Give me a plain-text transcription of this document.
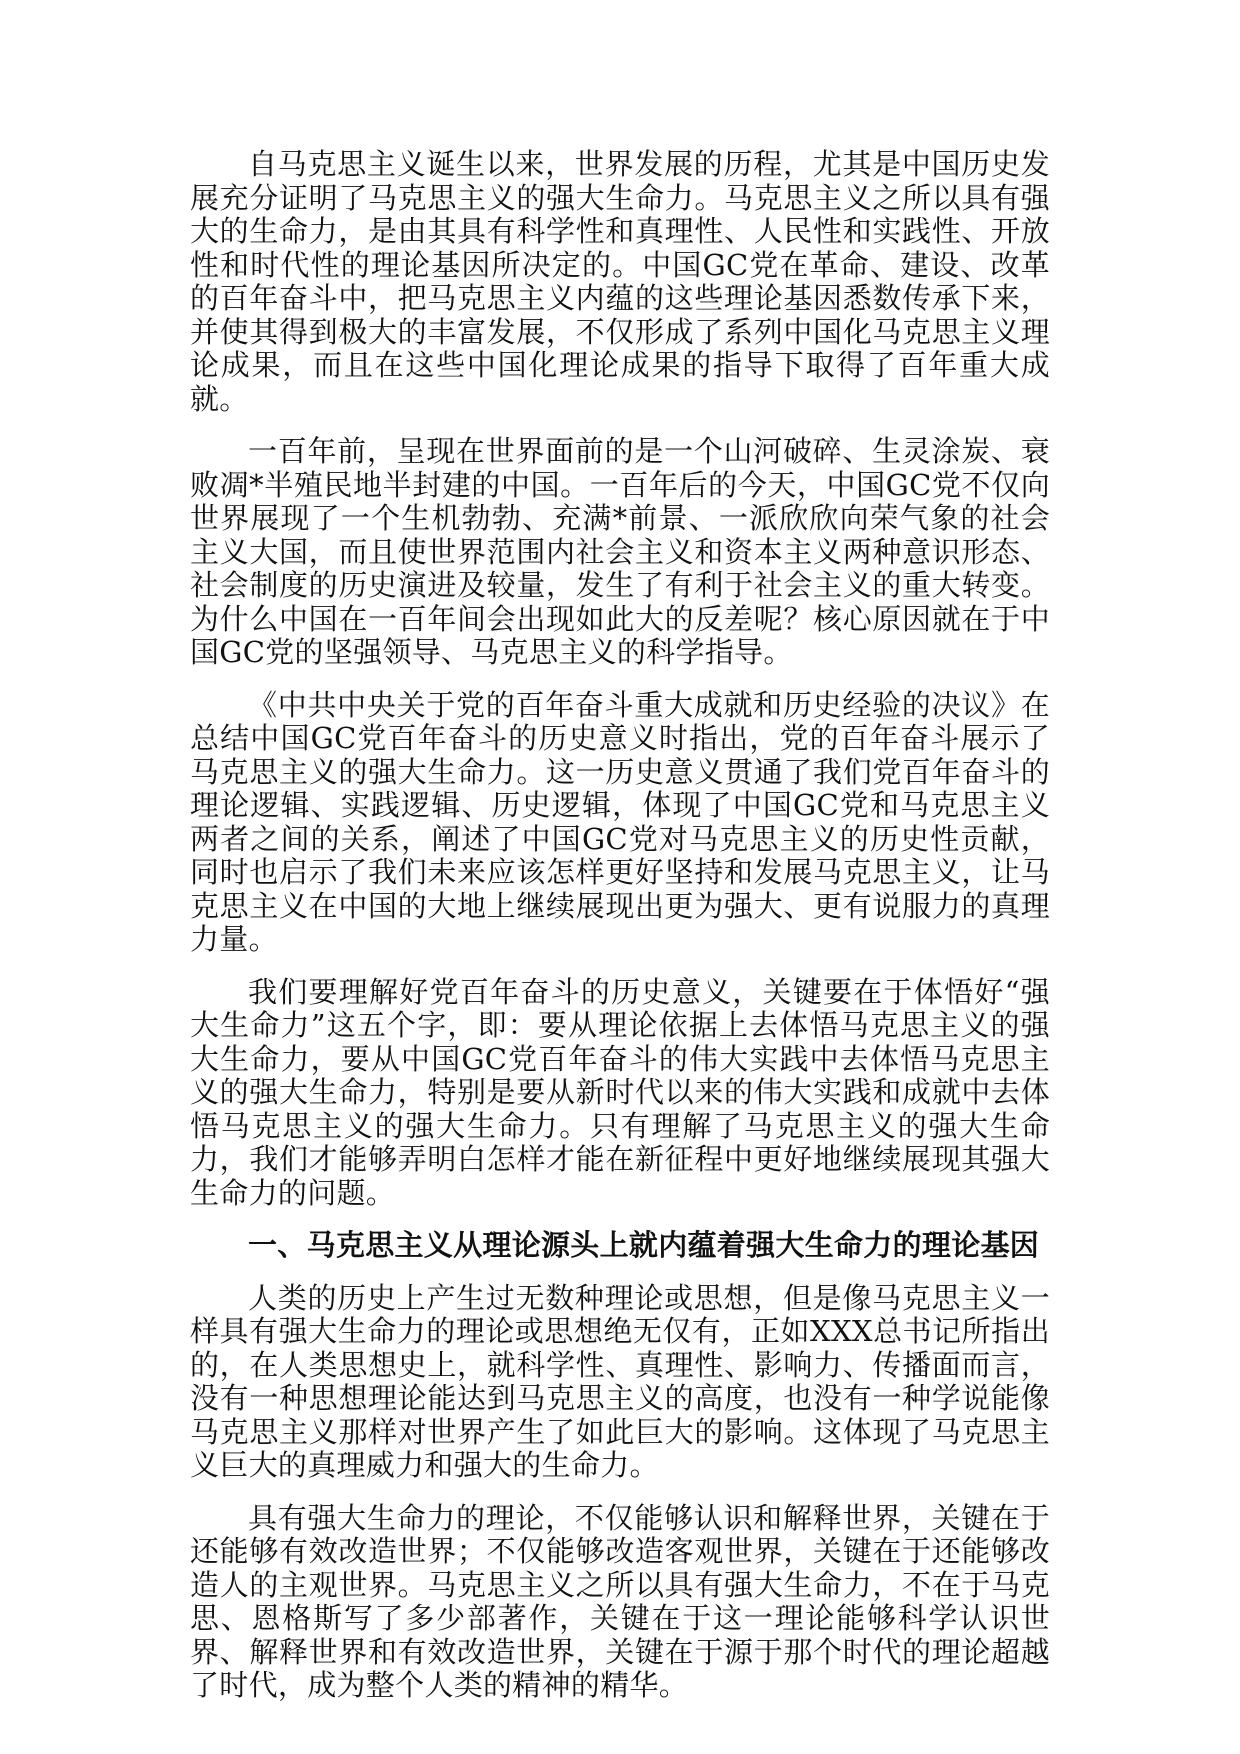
自马克思主义诞生以来，世界发展的历程，尤其是中国历史发展充分证明了马克思主义的强大生命力。马克思主义之所以具有强大的生命力，是由其具有科学性和真理性、人民性和实践性、开放性和时代性的理论基因所决定的。中国GC党在革命、建设、改革的百年奋斗中，把马克思主义内蕴的这些理论基因悉数传承下来，并使其得到极大的丰富发展，不仅形成了系列中国化马克思主义理论成果，而且在这些中国化理论成果的指导下取得了百年重大成就。

一百年前，呈现在世界面前的是一个山河破碎、生灵涂炭、衰败凋*半殖民地半封建的中国。一百年后的今天，中国GC党不仅向世界展现了一个生机勃勃、充满*前景、一派欣欣向荣气象的社会主义大国，而且使世界范围内社会主义和资本主义两种意识形态、社会制度的历史演进及较量，发生了有利于社会主义的重大转变。为什么中国在一百年间会出现如此大的反差呢？核心原因就在于中国GC党的坚强领导、马克思主义的科学指导。

《中共中央关于党的百年奋斗重大成就和历史经验的决议》在总结中国GC党百年奋斗的历史意义时指出，党的百年奋斗展示了马克思主义的强大生命力。这一历史意义贯通了我们党百年奋斗的理论逻辑、实践逻辑、历史逻辑，体现了中国GC党和马克思主义两者之间的关系，阐述了中国GC党对马克思主义的历史性贡献，同时也启示了我们未来应该怎样更好坚持和发展马克思主义，让马克思主义在中国的大地上继续展现出更为强大、更有说服力的真理力量。

我们要理解好党百年奋斗的历史意义，关键要在于体悟好“强大生命力”这五个字，即：要从理论依据上去体悟马克思主义的强大生命力，要从中国GC党百年奋斗的伟大实践中去体悟马克思主义的强大生命力，特别是要从新时代以来的伟大实践和成就中去体悟马克思主义的强大生命力。只有理解了马克思主义的强大生命力，我们才能够弄明白怎样才能在新征程中更好地继续展现其强大生命力的问题。

一、马克思主义从理论源头上就内蕴着强大生命力的理论基因

人类的历史上产生过无数种理论或思想，但是像马克思主义一样具有强大生命力的理论或思想绝无仅有，正如XXX总书记所指出的，在人类思想史上，就科学性、真理性、影响力、传播面而言，没有一种思想理论能达到马克思主义的高度，也没有一种学说能像马克思主义那样对世界产生了如此巨大的影响。这体现了马克思主义巨大的真理威力和强大的生命力。

具有强大生命力的理论，不仅能够认识和解释世界，关键在于还能够有效改造世界；不仅能够改造客观世界，关键在于还能够改造人的主观世界。马克思主义之所以具有强大生命力，不在于马克思、恩格斯写了多少部著作，关键在于这一理论能够科学认识世界、解释世界和有效改造世界，关键在于源于那个时代的理论超越了时代，成为整个人类的精神的精华。
